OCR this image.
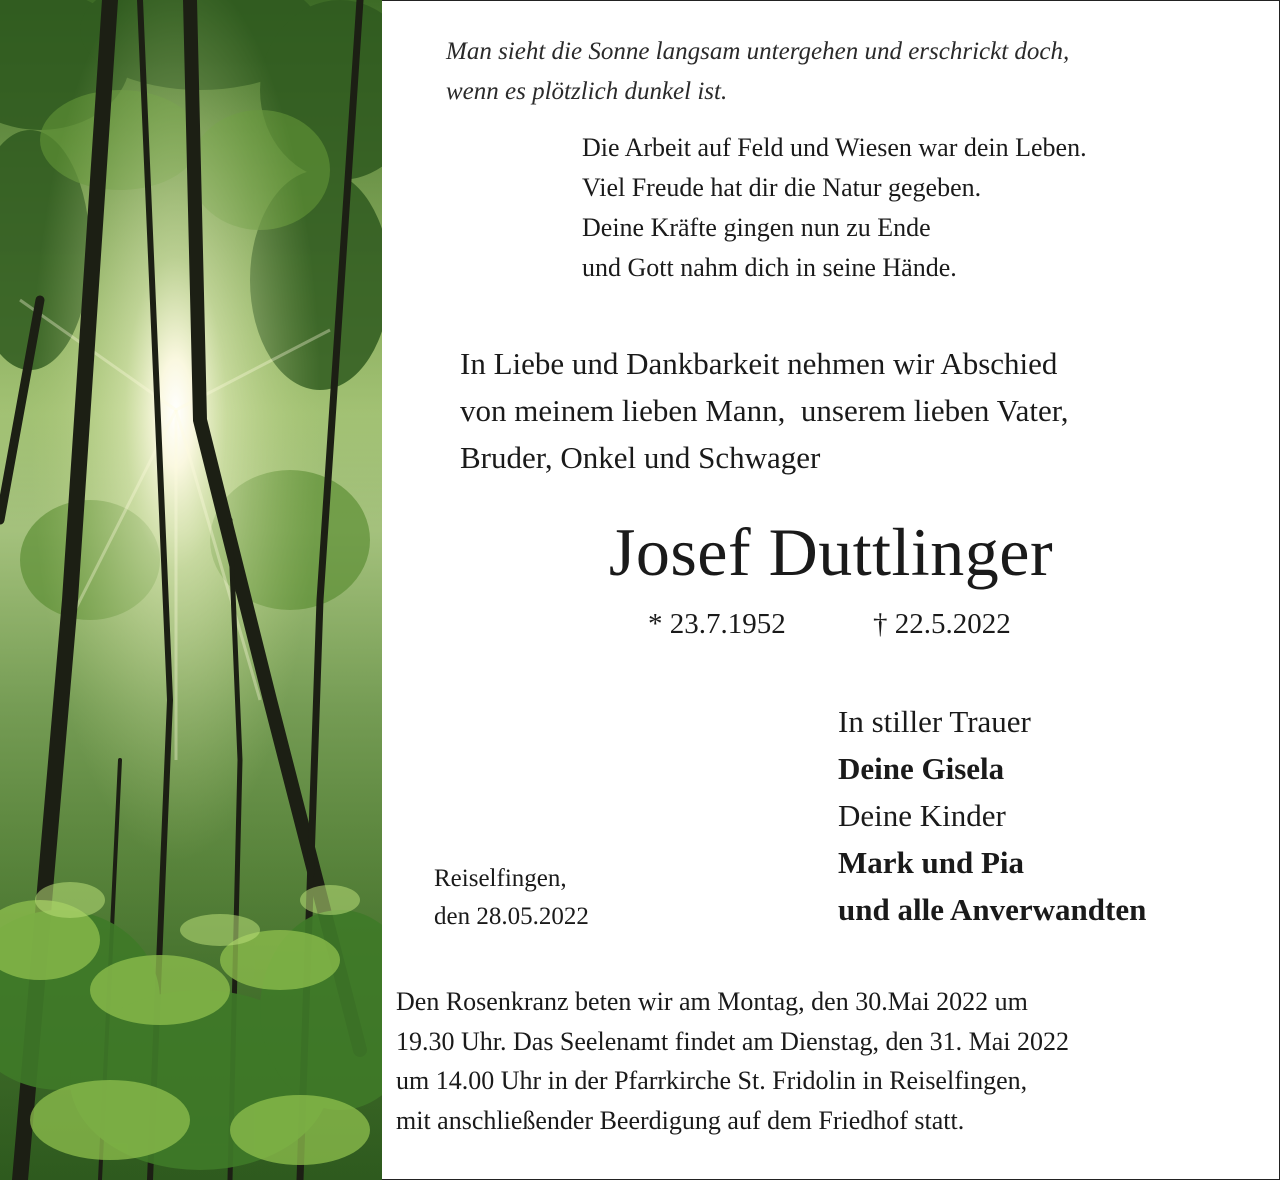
Man sieht die Sonne langsam untergehen und erschrickt doch,
wenn es plötzlich dunkel ist.

Die Arbeit auf Feld und Wiesen war dein Leben.
Viel Freude hat dir die Natur gegeben.
Deine Kräfte gingen nun zu Ende
und Gott nahm dich in seine Hände.

In Liebe und Dankbarkeit nehmen wir Abschied
von meinem lieben Mann,  unserem lieben Vater,
Bruder, Onkel und Schwager

Josef Duttlinger

* 23.7.1952	† 22.5.2022

In stiller Trauer
Deine Gisela
Deine Kinder
Mark und Pia
und alle Anverwandten

Reiselfingen,
den 28.05.2022

Den Rosenkranz beten wir am Montag, den 30.Mai 2022 um
19.30 Uhr. Das Seelenamt findet am Dienstag, den 31. Mai 2022
um 14.00 Uhr in der Pfarrkirche St. Fridolin in Reiselfingen,
mit anschließender Beerdigung auf dem Friedhof statt.
